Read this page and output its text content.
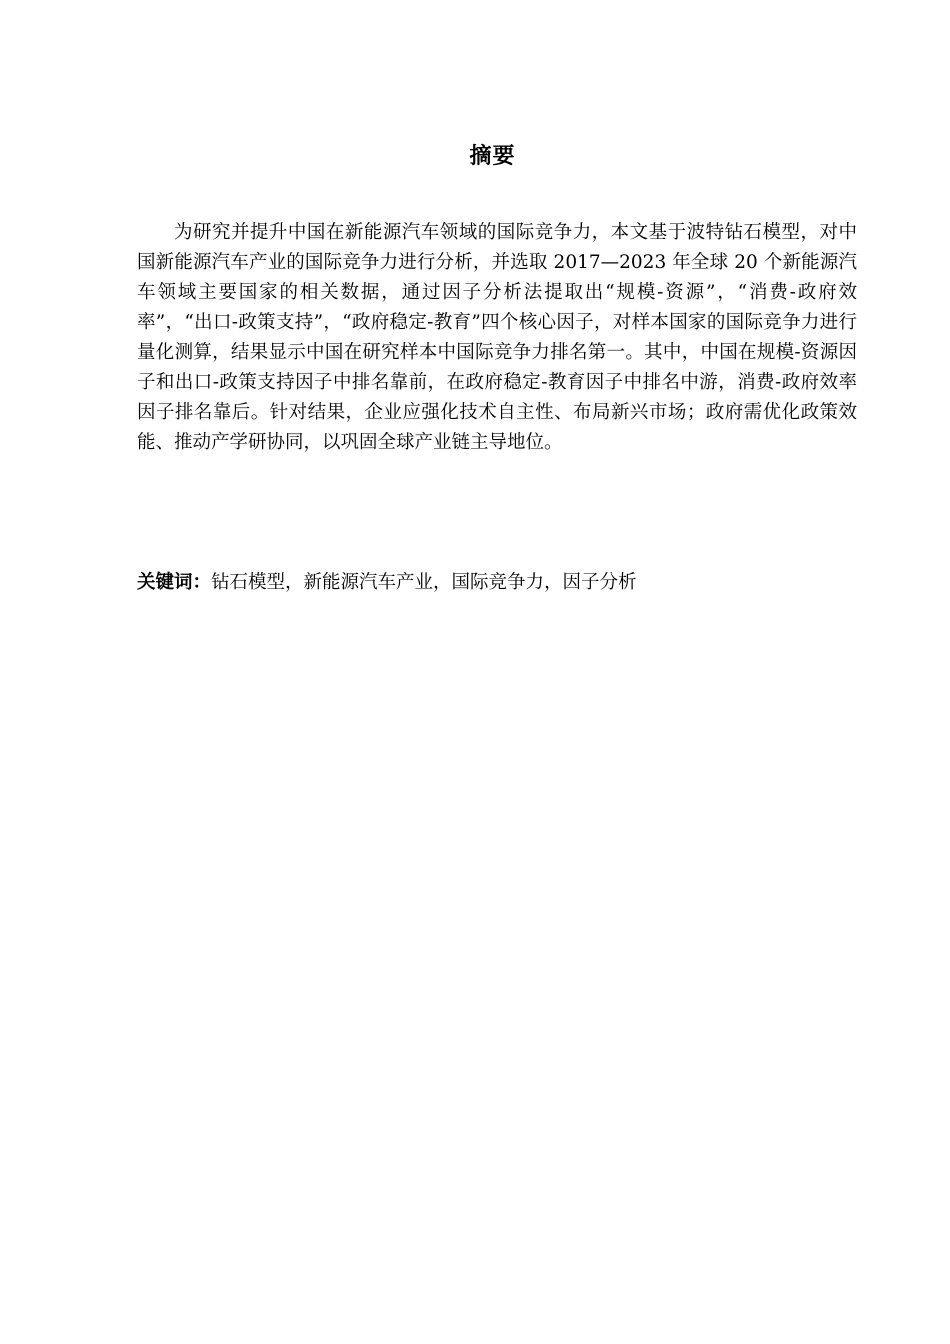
摘要

为研究并提升中国在新能源汽车领域的国际竞争力，本文基于波特钻石模型，对中国新能源汽车产业的国际竞争力进行分析，并选取 2017—2023 年全球 20 个新能源汽车领域主要国家的相关数据，通过因子分析法提取出“规模-资源”，“消费-政府效率”，“出口-政策支持”，“政府稳定-教育”四个核心因子，对样本国家的国际竞争力进行量化测算，结果显示中国在研究样本中国际竞争力排名第一。其中，中国在规模-资源因子和出口-政策支持因子中排名靠前，在政府稳定-教育因子中排名中游，消费-政府效率因子排名靠后。针对结果，企业应强化技术自主性、布局新兴市场；政府需优化政策效能、推动产学研协同，以巩固全球产业链主导地位。

关键词：钻石模型，新能源汽车产业，国际竞争力，因子分析
